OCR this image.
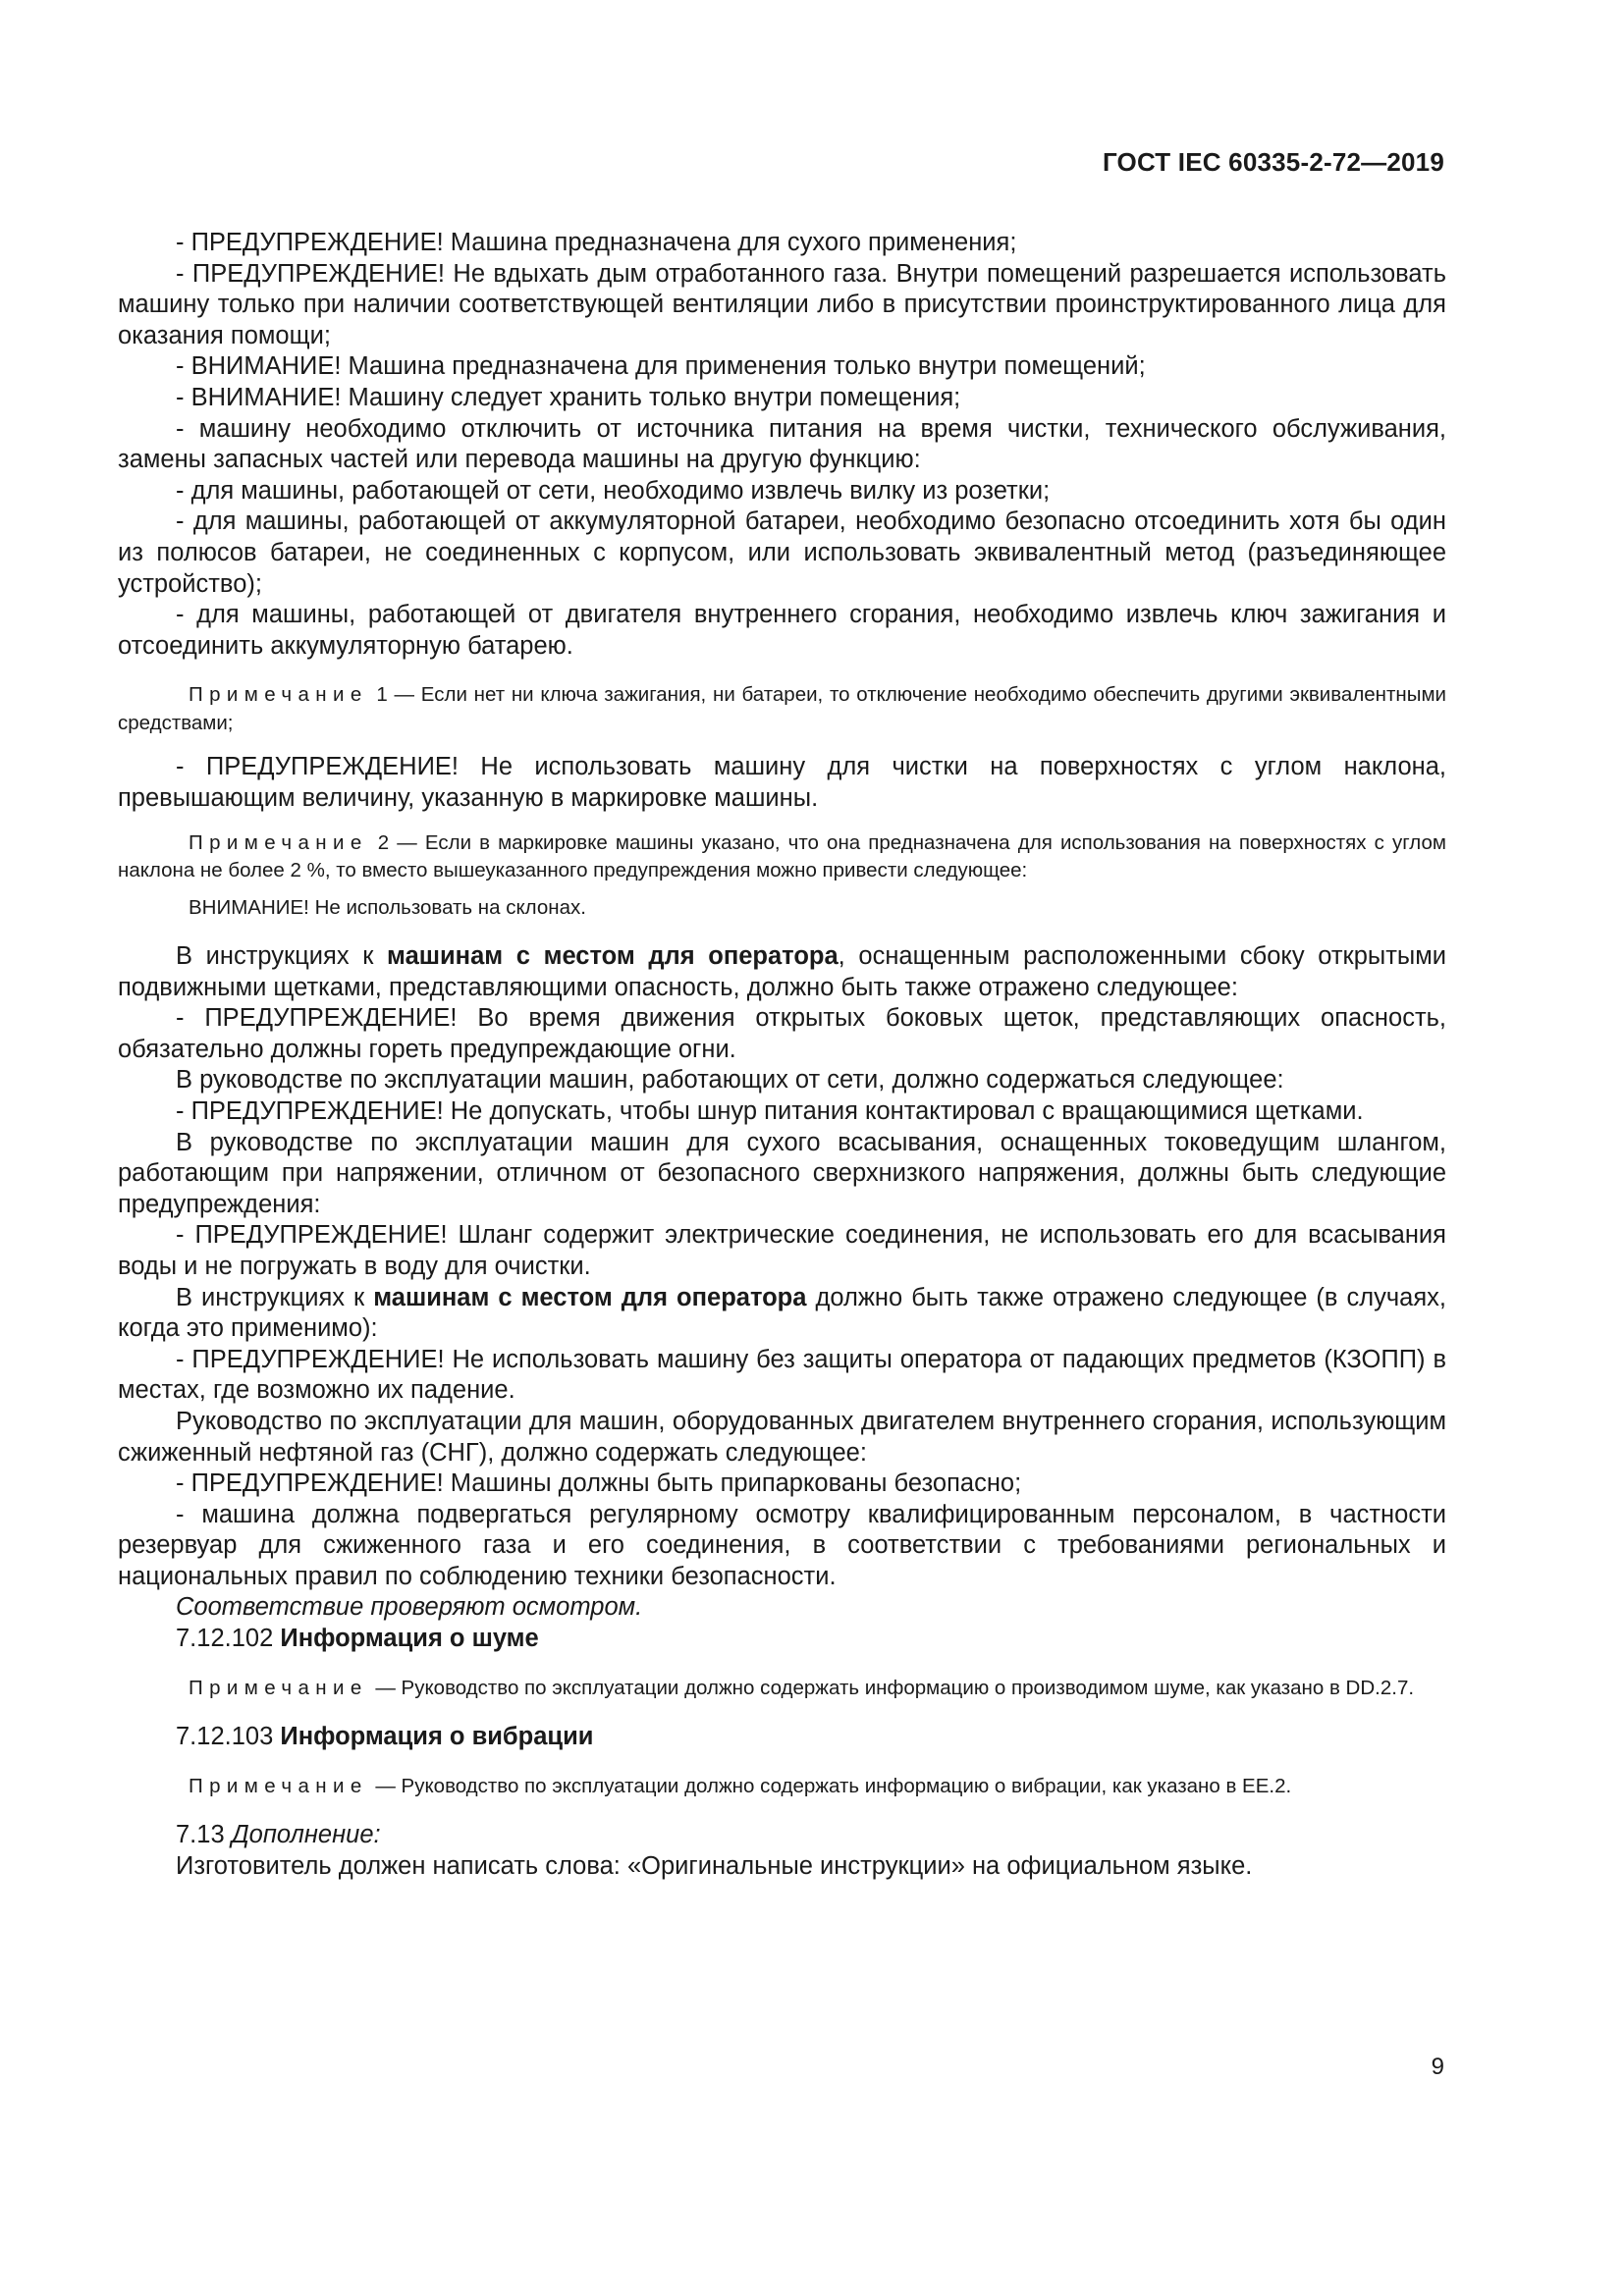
ГОСТ IEC 60335-2-72—2019

- ПРЕДУПРЕЖДЕНИЕ! Машина предназначена для сухого применения;

- ПРЕДУПРЕЖДЕНИЕ! Не вдыхать дым отработанного газа. Внутри помещений разрешается использовать машину только при наличии соответствующей вентиляции либо в присутствии проинструктированного лица для оказания помощи;

- ВНИМАНИЕ! Машина предназначена для применения только внутри помещений;

- ВНИМАНИЕ! Машину следует хранить только внутри помещения;

- машину необходимо отключить от источника питания на время чистки, технического обслуживания, замены запасных частей или перевода машины на другую функцию:

- для машины, работающей от сети, необходимо извлечь вилку из розетки;

- для машины, работающей от аккумуляторной батареи, необходимо безопасно отсоединить хотя бы один из полюсов батареи, не соединенных с корпусом, или использовать эквивалентный метод (разъединяющее устройство);

- для машины, работающей от двигателя внутреннего сгорания, необходимо извлечь ключ зажигания и отсоединить аккумуляторную батарею.

Примечание 1 — Если нет ни ключа зажигания, ни батареи, то отключение необходимо обеспечить другими эквивалентными средствами;

- ПРЕДУПРЕЖДЕНИЕ! Не использовать машину для чистки на поверхностях с углом наклона, превышающим величину, указанную в маркировке машины.

Примечание 2 — Если в маркировке машины указано, что она предназначена для использования на поверхностях с углом наклона не более 2 %, то вместо вышеуказанного предупреждения можно привести следующее:

ВНИМАНИЕ! Не использовать на склонах.

В инструкциях к машинам с местом для оператора, оснащенным расположенными сбоку открытыми подвижными щетками, представляющими опасность, должно быть также отражено следующее:

- ПРЕДУПРЕЖДЕНИЕ! Во время движения открытых боковых щеток, представляющих опасность, обязательно должны гореть предупреждающие огни.

В руководстве по эксплуатации машин, работающих от сети, должно содержаться следующее:

- ПРЕДУПРЕЖДЕНИЕ! Не допускать, чтобы шнур питания контактировал с вращающимися щетками.

В руководстве по эксплуатации машин для сухого всасывания, оснащенных токоведущим шлангом, работающим при напряжении, отличном от безопасного сверхнизкого напряжения, должны быть следующие предупреждения:

- ПРЕДУПРЕЖДЕНИЕ! Шланг содержит электрические соединения, не использовать его для всасывания воды и не погружать в воду для очистки.

В инструкциях к машинам с местом для оператора должно быть также отражено следующее (в случаях, когда это применимо):

- ПРЕДУПРЕЖДЕНИЕ! Не использовать машину без защиты оператора от падающих предметов (КЗОПП) в местах, где возможно их падение.

Руководство по эксплуатации для машин, оборудованных двигателем внутреннего сгорания, использующим сжиженный нефтяной газ (СНГ), должно содержать следующее:

- ПРЕДУПРЕЖДЕНИЕ! Машины должны быть припаркованы безопасно;

- машина должна подвергаться регулярному осмотру квалифицированным персоналом, в частности резервуар для сжиженного газа и его соединения, в соответствии с требованиями региональных и национальных правил по соблюдению техники безопасности.

Соответствие проверяют осмотром.

7.12.102 Информация о шуме

Примечание — Руководство по эксплуатации должно содержать информацию о производимом шуме, как указано в DD.2.7.

7.12.103 Информация о вибрации

Примечание — Руководство по эксплуатации должно содержать информацию о вибрации, как указано в EE.2.

7.13 Дополнение:

Изготовитель должен написать слова: «Оригинальные инструкции» на официальном языке.

9
